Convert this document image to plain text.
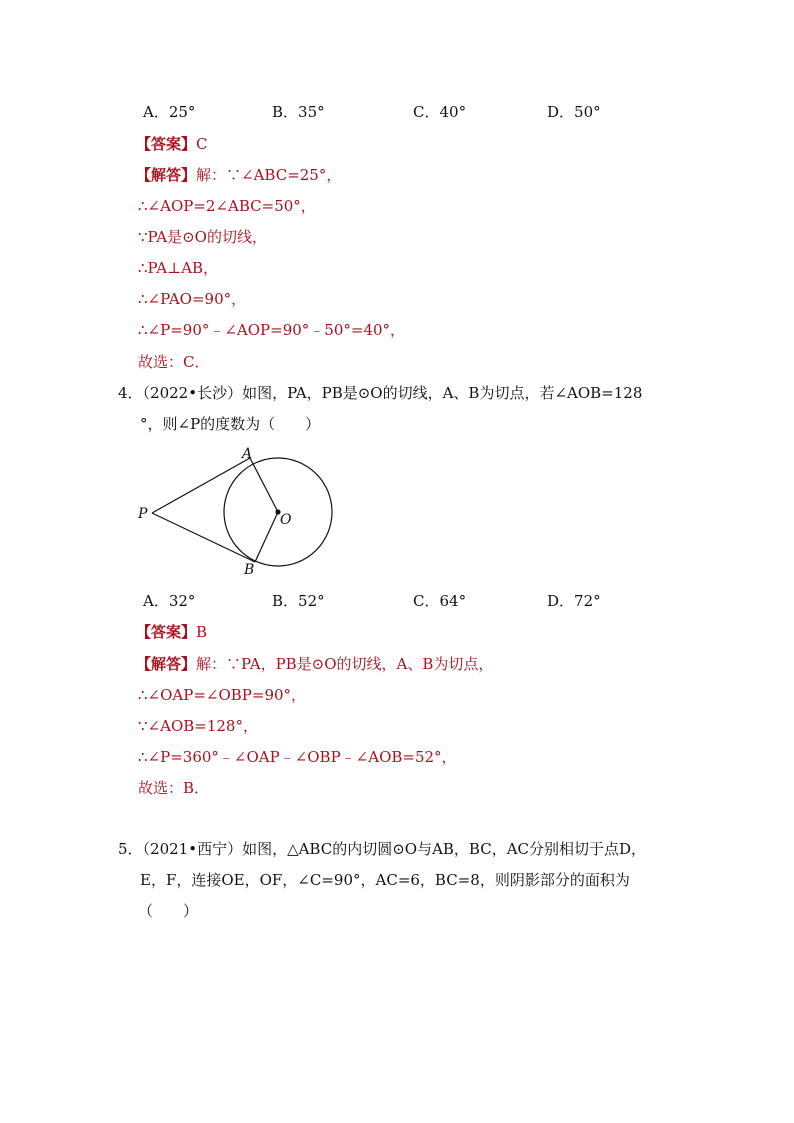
A．25°	B．35°	C．40°	D．50°
【答案】C
【解答】解：∵∠ABC=25°，
∴∠AOP=2∠ABC=50°，
∵PA是⊙O的切线，
∴PA⊥AB，
∴∠PAO=90°，
∴∠P=90°﹣∠AOP=90°﹣50°=40°，
故选：C．
4．（2022•长沙）如图，PA，PB是⊙O的切线，A、B为切点，若∠AOB=128
°，则∠P的度数为（　　）
A
B
P	O
A．32°	B．52°	C．64°	D．72°
【答案】B
【解答】解：∵PA，PB是⊙O的切线，A、B为切点，
∴∠OAP=∠OBP=90°，
∵∠AOB=128°，
∴∠P=360°﹣∠OAP﹣∠OBP﹣∠AOB=52°，
故选：B．
5．（2021•西宁）如图，△ABC的内切圆⊙O与AB，BC，AC分别相切于点D，
E，F，连接OE，OF，∠C=90°，AC=6，BC=8，则阴影部分的面积为
（　　）
